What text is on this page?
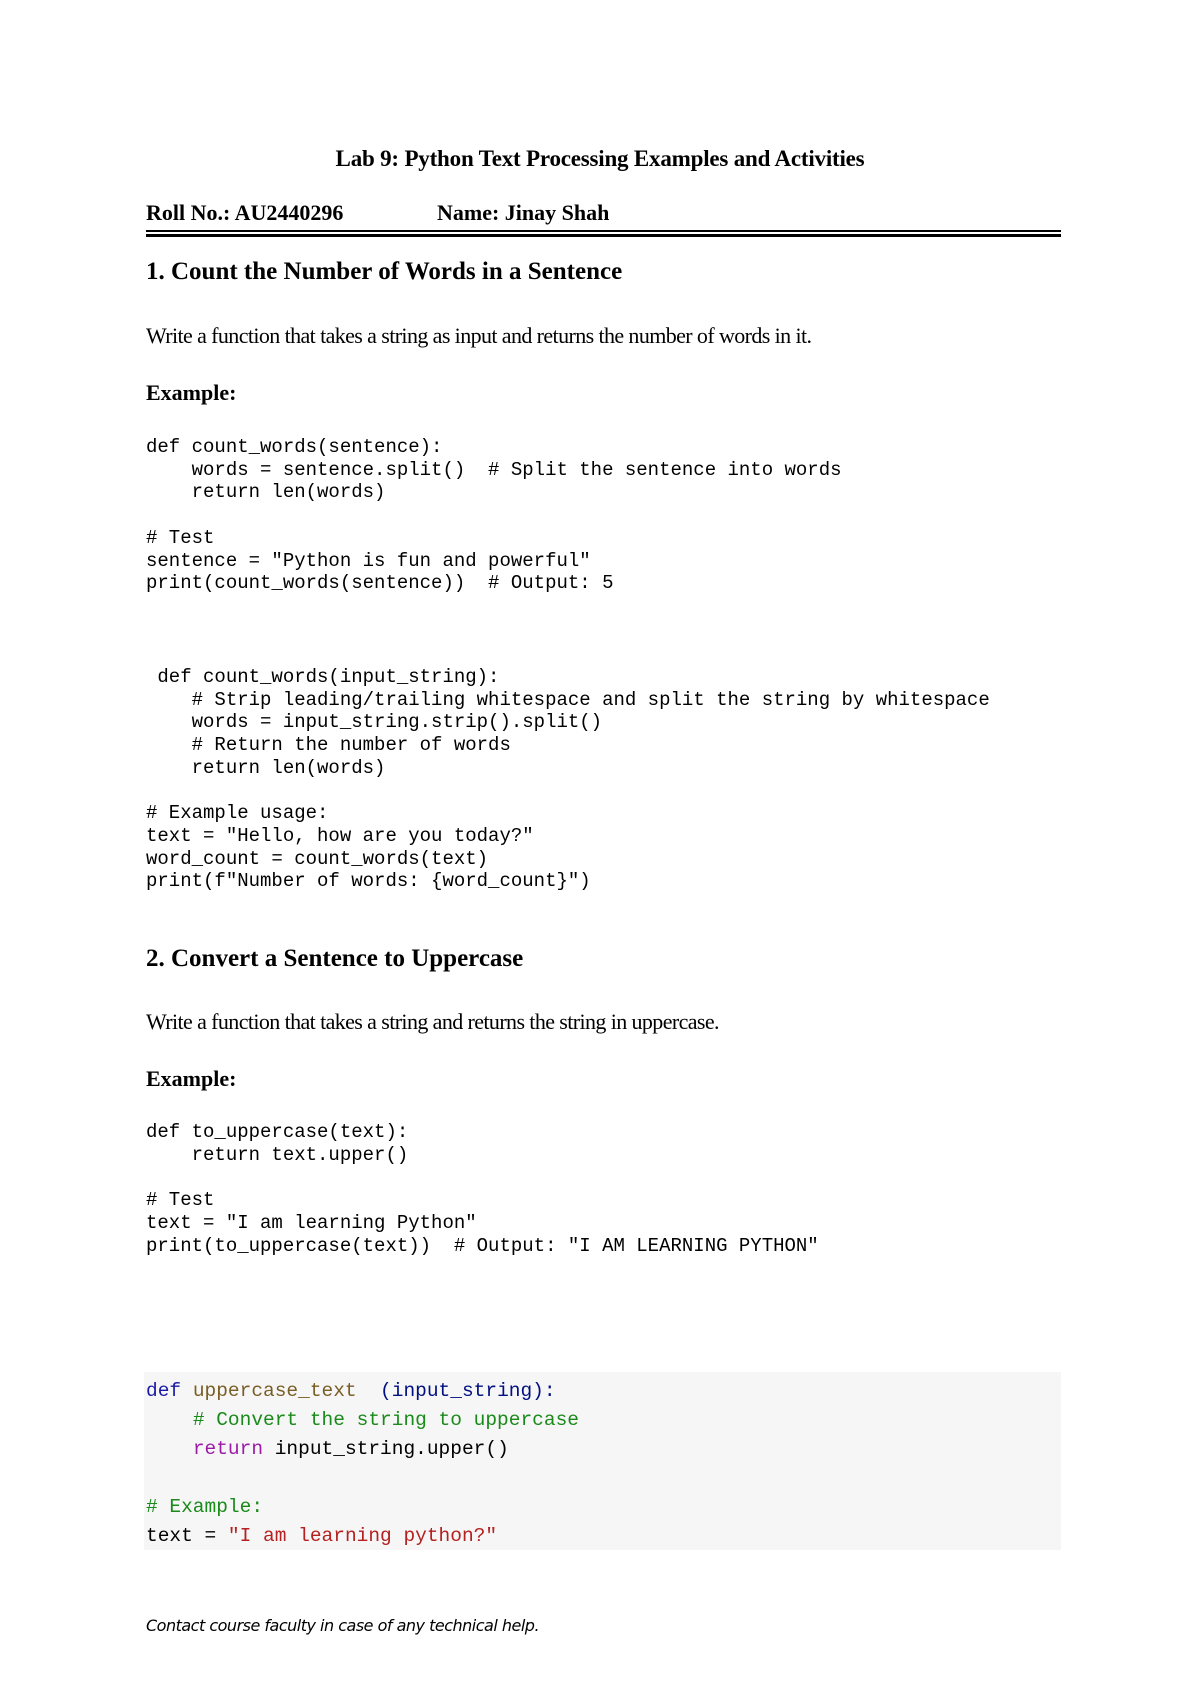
Lab 9: Python Text Processing Examples and Activities
Roll No.: AU2440296	Name: Jinay Shah
1. Count the Number of Words in a Sentence
Write a function that takes a string as input and returns the number of words in it.
Example:
def count_words(sentence):
words = sentence.split()  # Split the sentence into words
return len(words)

# Test
sentence = "Python is fun and powerful"
print(count_words(sentence))  # Output: 5
def count_words(input_string):
# Strip leading/trailing whitespace and split the string by whitespace
words = input_string.strip().split()
# Return the number of words
return len(words)

# Example usage:
text = "Hello, how are you today?"
word_count = count_words(text)
print(f"Number of words: {word_count}")
2. Convert a Sentence to Uppercase
Write a function that takes a string and returns the string in uppercase.
Example:
def to_uppercase(text):
return text.upper()

# Test
text = "I am learning Python"
print(to_uppercase(text))  # Output: "I AM LEARNING PYTHON"
def uppercase_text (input_string):
# Convert the string to uppercase
return input_string.upper()

# Example:
text = "I am learning python?"
Contact course faculty in case of any technical help.
